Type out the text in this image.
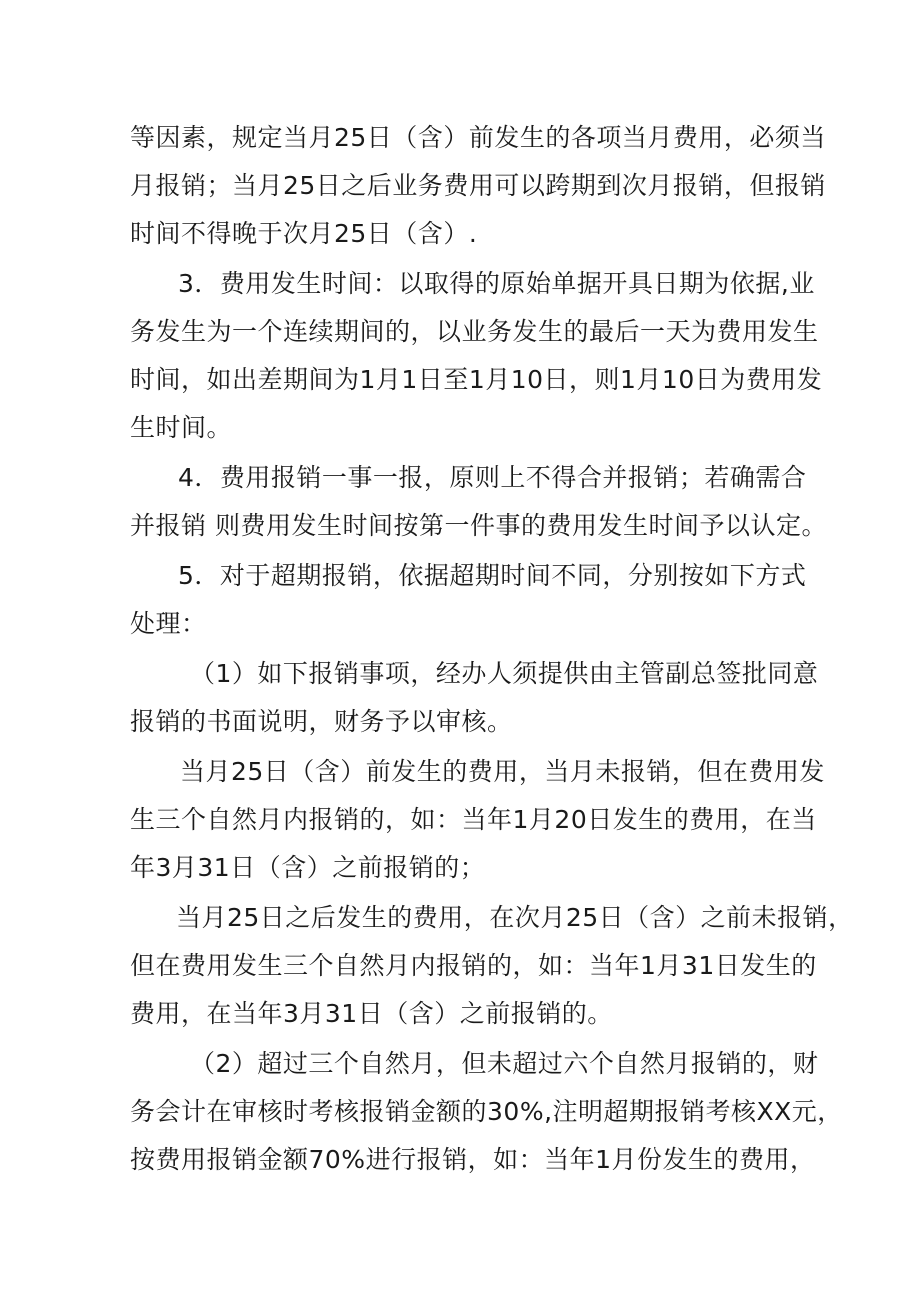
等因素，规定当月25日（含）前发生的各项当月费用，必须当
月报销；当月25日之后业务费用可以跨期到次月报销，但报销
时间不得晚于次月25日（含）.
3．费用发生时间：以取得的原始单据开具日期为依据,业
务发生为一个连续期间的，以业务发生的最后一天为费用发生
时间，如出差期间为1月1日至1月10日，则1月10日为费用发
生时间。
4．费用报销一事一报，原则上不得合并报销；若确需合
并报销 则费用发生时间按第一件事的费用发生时间予以认定。
5．对于超期报销，依据超期时间不同，分别按如下方式
处理：
（1）如下报销事项，经办人须提供由主管副总签批同意
报销的书面说明，财务予以审核。
当月25日（含）前发生的费用，当月未报销，但在费用发
生三个自然月内报销的，如：当年1月20日发生的费用，在当
年3月31日（含）之前报销的；
当月25日之后发生的费用，在次月25日（含）之前未报销，
但在费用发生三个自然月内报销的，如：当年1月31日发生的
费用，在当年3月31日（含）之前报销的。
（2）超过三个自然月，但未超过六个自然月报销的，财
务会计在审核时考核报销金额的30%,注明超期报销考核XX元，
按费用报销金额70%进行报销，如：当年1月份发生的费用，
